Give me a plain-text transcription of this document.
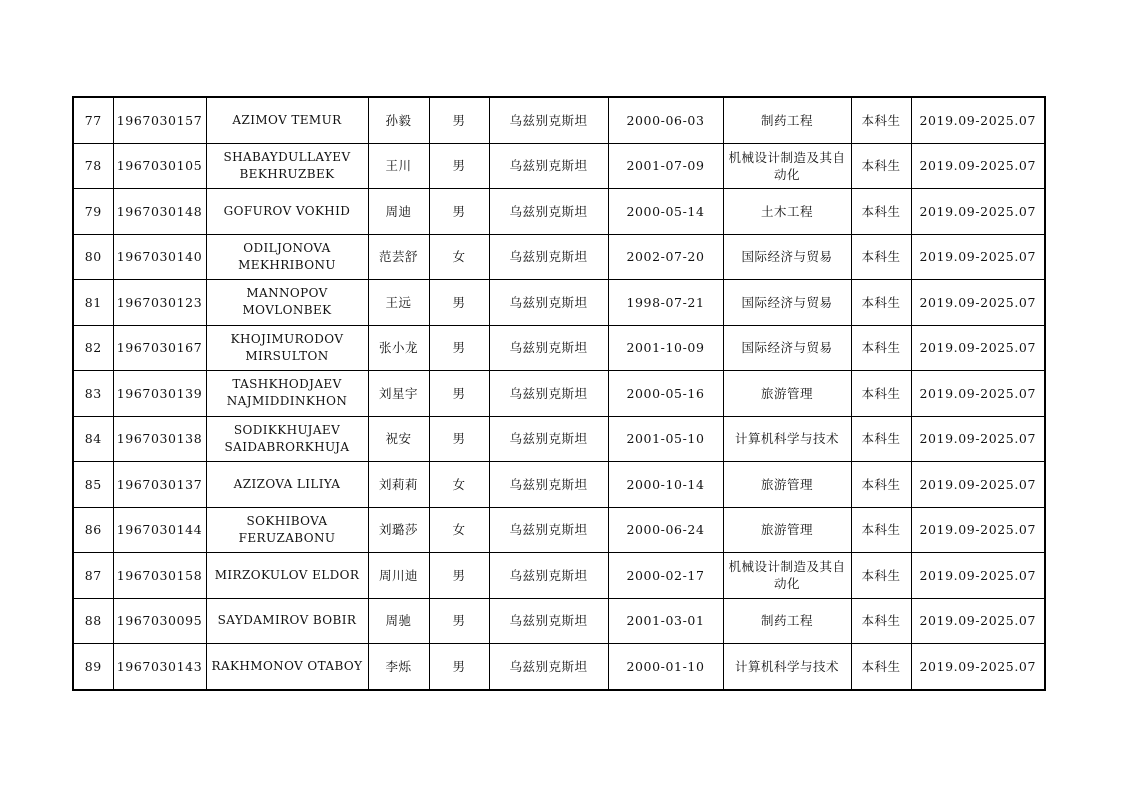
77	1967030157	AZIMOV TEMUR	孙毅	男	乌兹别克斯坦	2000-06-03	制药工程	本科生	2019.09-2025.07
78	1967030105	SHABAYDULLAYEV BEKHRUZBEK	王川	男	乌兹别克斯坦	2001-07-09	机械设计制造及其自动化	本科生	2019.09-2025.07
79	1967030148	GOFUROV VOKHID	周迪	男	乌兹别克斯坦	2000-05-14	土木工程	本科生	2019.09-2025.07
80	1967030140	ODILJONOVA MEKHRIBONU	范芸舒	女	乌兹别克斯坦	2002-07-20	国际经济与贸易	本科生	2019.09-2025.07
81	1967030123	MANNOPOV MOVLONBEK	王远	男	乌兹别克斯坦	1998-07-21	国际经济与贸易	本科生	2019.09-2025.07
82	1967030167	KHOJIMURODOV MIRSULTON	张小龙	男	乌兹别克斯坦	2001-10-09	国际经济与贸易	本科生	2019.09-2025.07
83	1967030139	TASHKHODJAEV NAJMIDDINKHON	刘星宇	男	乌兹别克斯坦	2000-05-16	旅游管理	本科生	2019.09-2025.07
84	1967030138	SODIKKHUJAEV SAIDABRORKHUJA	祝安	男	乌兹别克斯坦	2001-05-10	计算机科学与技术	本科生	2019.09-2025.07
85	1967030137	AZIZOVA LILIYA	刘莉莉	女	乌兹别克斯坦	2000-10-14	旅游管理	本科生	2019.09-2025.07
86	1967030144	SOKHIBOVA FERUZABONU	刘璐莎	女	乌兹别克斯坦	2000-06-24	旅游管理	本科生	2019.09-2025.07
87	1967030158	MIRZOKULOV ELDOR	周川迪	男	乌兹别克斯坦	2000-02-17	机械设计制造及其自动化	本科生	2019.09-2025.07
88	1967030095	SAYDAMIROV BOBIR	周驰	男	乌兹别克斯坦	2001-03-01	制药工程	本科生	2019.09-2025.07
89	1967030143	RAKHMONOV OTABOY	李烁	男	乌兹别克斯坦	2000-01-10	计算机科学与技术	本科生	2019.09-2025.07
